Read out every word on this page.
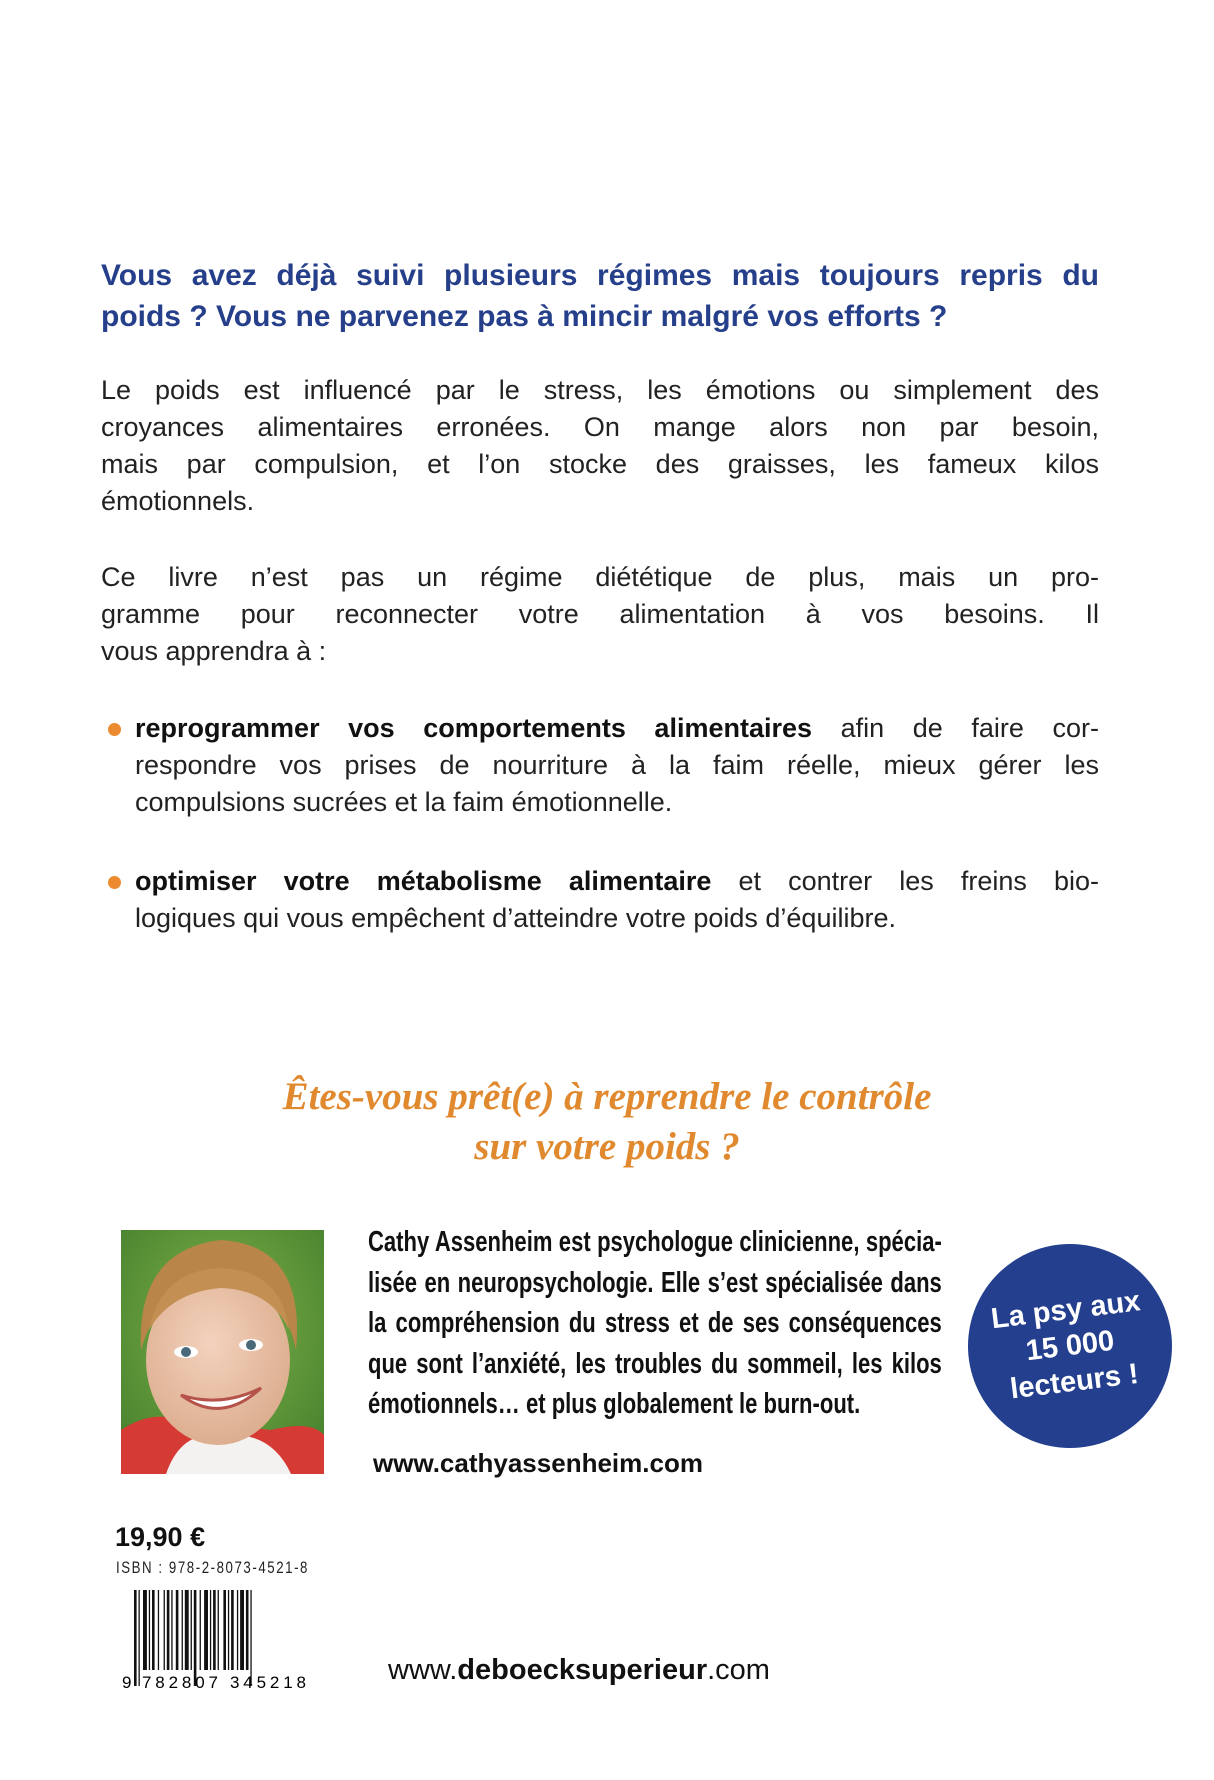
Vous avez déjà suivi plusieurs régimes mais toujours repris du
poids ? Vous ne parvenez pas à mincir malgré vos efforts ?
Le poids est influencé par le stress, les émotions ou simplement des
croyances alimentaires erronées. On mange alors non par besoin,
mais par compulsion, et l’on stocke des graisses, les fameux kilos
émotionnels.
Ce livre n’est pas un régime diététique de plus, mais un pro-
gramme pour reconnecter votre alimentation à vos besoins. Il
vous apprendra à :
reprogrammer vos comportements alimentaires afin de faire cor-
respondre vos prises de nourriture à la faim réelle, mieux gérer les
compulsions sucrées et la faim émotionnelle.
optimiser votre métabolisme alimentaire et contrer les freins bio-
logiques qui vous empêchent d’atteindre votre poids d’équilibre.
Êtes-vous prêt(e) à reprendre le contrôle
sur votre poids ?
Cathy Assenheim est psychologue clinicienne, spécia-
lisée en neuropsychologie. Elle s’est spécialisée dans
la compréhension du stress et de ses conséquences
que sont l’anxiété, les troubles du sommeil, les kilos
émotionnels… et plus globalement le burn-out.
www.cathyassenheim.com
La psy aux
15 000
lecteurs !
19,90 €
ISBN : 978-2-8073-4521-8
9 782807 345218	www.deboecksuperieur.com
